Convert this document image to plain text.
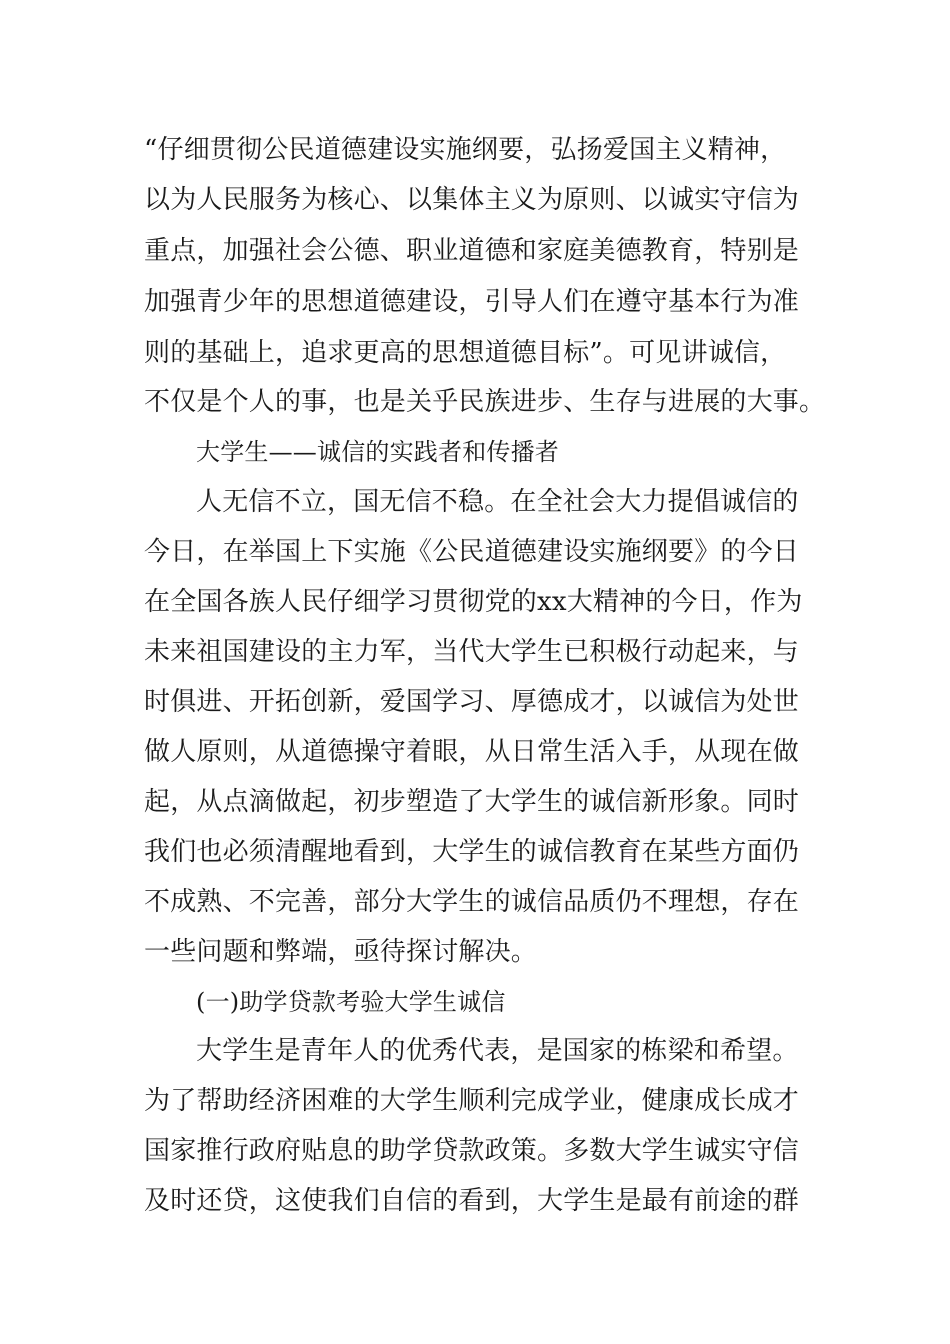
“仔细贯彻公民道德建设实施纲要，弘扬爱国主义精神，
以为人民服务为核心、以集体主义为原则、以诚实守信为
重点，加强社会公德、职业道德和家庭美德教育，特别是
加强青少年的思想道德建设，引导人们在遵守基本行为准
则的基础上，追求更高的思想道德目标”。可见讲诚信，
不仅是个人的事，也是关乎民族进步、生存与进展的大事。
大学生——诚信的实践者和传播者
人无信不立，国无信不稳。在全社会大力提倡诚信的
今日，在举国上下实施《公民道德建设实施纲要》的今日
在全国各族人民仔细学习贯彻党的xx大精神的今日，作为
未来祖国建设的主力军，当代大学生已积极行动起来，与
时俱进、开拓创新，爱国学习、厚德成才，以诚信为处世
做人原则，从道德操守着眼，从日常生活入手，从现在做
起，从点滴做起，初步塑造了大学生的诚信新形象。同时
我们也必须清醒地看到，大学生的诚信教育在某些方面仍
不成熟、不完善，部分大学生的诚信品质仍不理想，存在
一些问题和弊端，亟待探讨解决。
(一)助学贷款考验大学生诚信
大学生是青年人的优秀代表，是国家的栋梁和希望。
为了帮助经济困难的大学生顺利完成学业，健康成长成才
国家推行政府贴息的助学贷款政策。多数大学生诚实守信
及时还贷，这使我们自信的看到，大学生是最有前途的群
